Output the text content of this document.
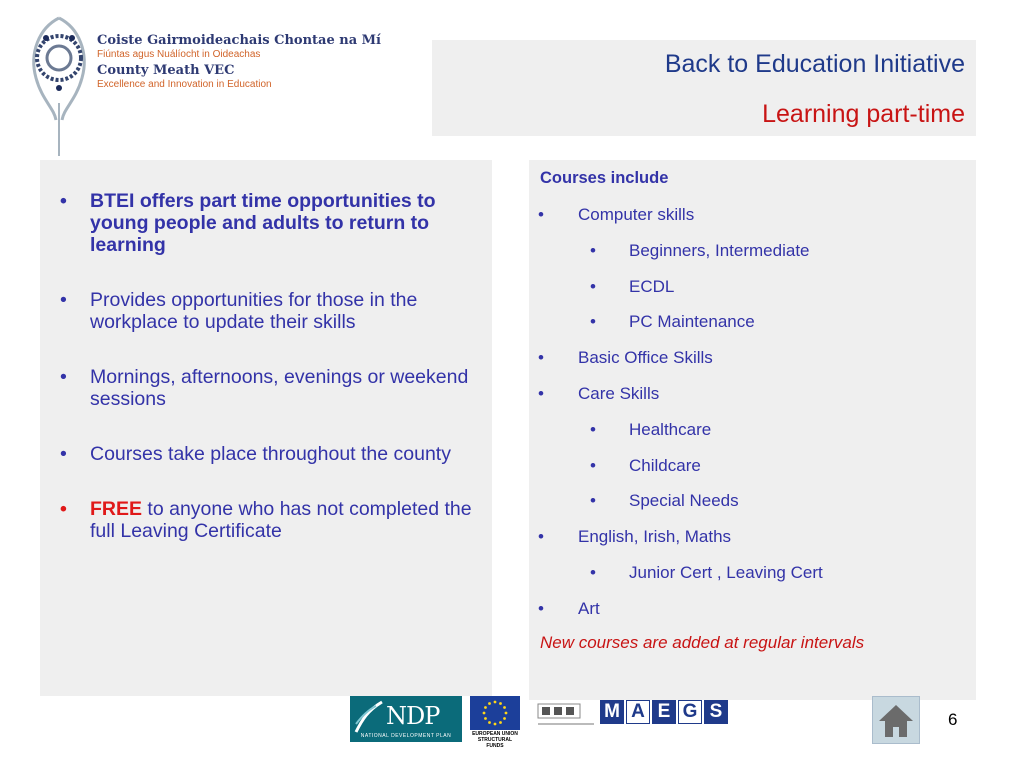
Coiste Gairmoideachais Chontae na Mí
Fiúntas agus Nuálíocht in Oideachas
County Meath VEC
Excellence and Innovation in Education
Back to Education Initiative
Learning part-time
• BTEI offers part time opportunities to young people and adults to return to learning
• Provides opportunities for those in the workplace to update their skills
• Mornings, afternoons, evenings or weekend sessions
• Courses take place throughout the county
• FREE to anyone who has not completed the full Leaving Certificate
Courses include
• Computer skills
• Beginners, Intermediate
• ECDL
• PC Maintenance
• Basic Office Skills
• Care Skills
• Healthcare
• Childcare
• Special Needs
• English, Irish, Maths
• Junior Cert , Leaving Cert
• Art
New courses are added at regular intervals
NDP
NATIONAL DEVELOPMENT PLAN	EUROPEAN UNION STRUCTURAL FUNDS
M A E G S	6
